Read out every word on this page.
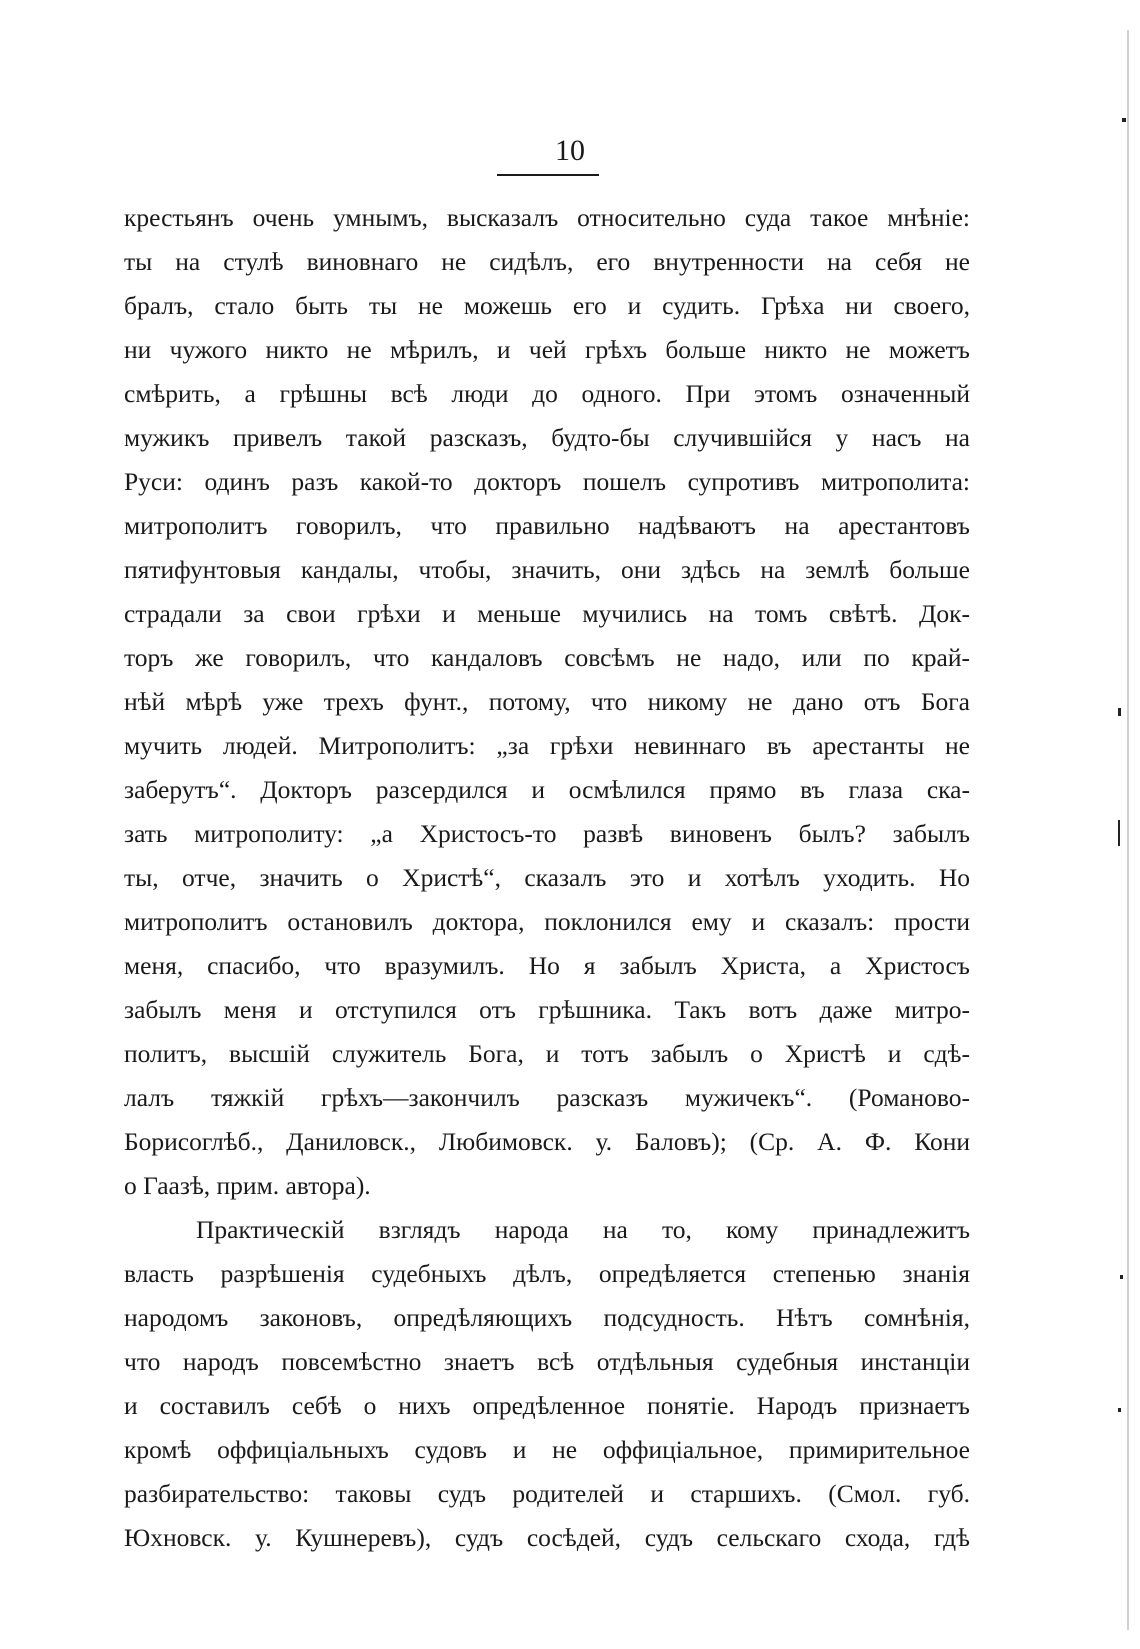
10
крестьянъ очень умнымъ, высказалъ относительно суда такое мнѣніе:
ты на стулѣ виновнаго не сидѣлъ, его внутренности на себя не
бралъ, стало быть ты не можешь его и судить. Грѣха ни своего,
ни чужого никто не мѣрилъ, и чей грѣхъ больше никто не можетъ
смѣрить, а грѣшны всѣ люди до одного. При этомъ означенный
мужикъ привелъ такой разсказъ, будто-бы случившійся у насъ на
Руси: одинъ разъ какой-то докторъ пошелъ супротивъ митрополита:
митрополитъ говорилъ, что правильно надѣваютъ на арестантовъ
пятифунтовыя кандалы, чтобы, значить, они здѣсь на землѣ больше
страдали за свои грѣхи и меньше мучились на томъ свѣтѣ. Док-
торъ же говорилъ, что кандаловъ совсѣмъ не надо, или по край-
нѣй мѣрѣ уже трехъ фунт., потому, что никому не дано отъ Бога
мучить людей. Митрополитъ: „за грѣхи невиннаго въ арестанты не
заберутъ“. Докторъ разсердился и осмѣлился прямо въ глаза ска-
зать митрополиту: „а Христосъ-то развѣ виновенъ былъ? забылъ
ты, отче, значить о Христѣ“, сказалъ это и хотѣлъ уходить. Но
митрополитъ остановилъ доктора, поклонился ему и сказалъ: прости
меня, спасибо, что вразумилъ. Но я забылъ Христа, а Христосъ
забылъ меня и отступился отъ грѣшника. Такъ вотъ даже митро-
политъ, высшій служитель Бога, и тотъ забылъ о Христѣ и сдѣ-
лалъ тяжкій грѣхъ—закончилъ разсказъ мужичекъ“. (Романово-
Борисоглѣб., Даниловск., Любимовск. у. Баловъ); (Ср. А. Ф. Кони
о Гаазѣ, прим. автора).
Практическій взглядъ народа на то, кому принадлежитъ
власть разрѣшенія судебныхъ дѣлъ, опредѣляется степенью знанія
народомъ законовъ, опредѣляющихъ подсудность. Нѣтъ сомнѣнія,
что народъ повсемѣстно знаетъ всѣ отдѣльныя судебныя инстанціи
и составилъ себѣ о нихъ опредѣленное понятіе. Народъ признаетъ
кромѣ оффиціальныхъ судовъ и не оффиціальное, примирительное
разбирательство: таковы судъ родителей и старшихъ. (Смол. губ.
Юхновск. у. Кушнеревъ), судъ сосѣдей, судъ сельскаго схода, гдѣ
